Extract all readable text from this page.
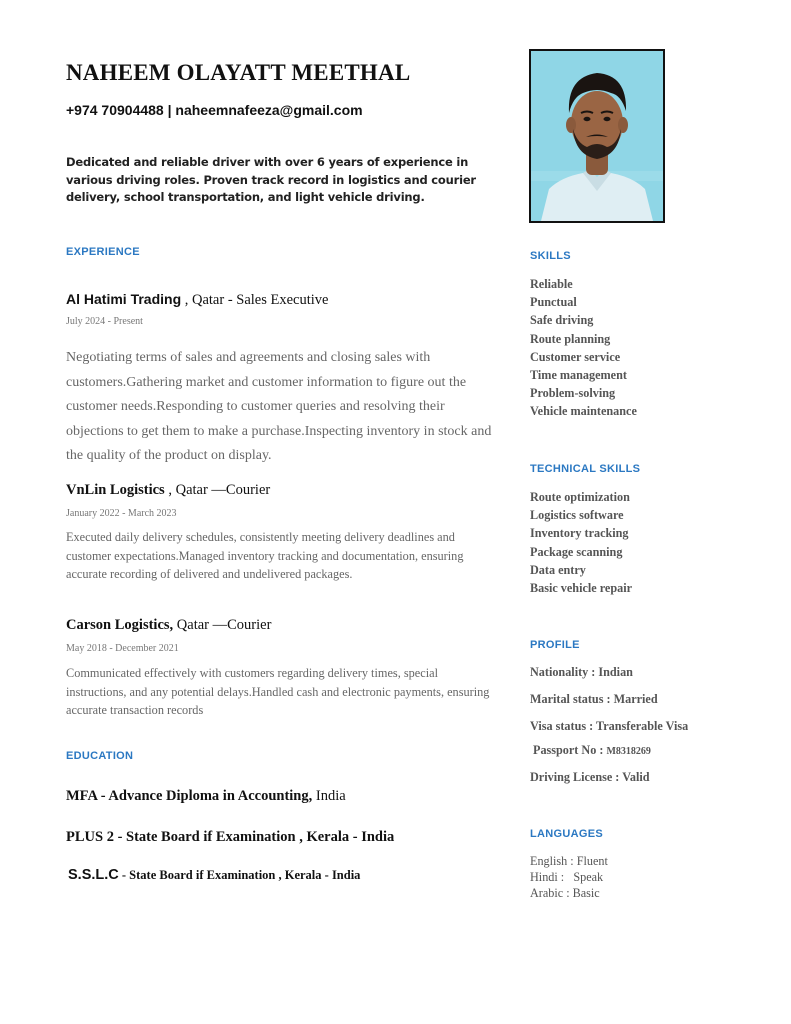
NAHEEM OLAYATT MEETHAL
+974 70904488 | naheemnafeeza@gmail.com
Dedicated and reliable driver with over 6 years of experience in various driving roles. Proven track record in logistics and courier delivery, school transportation, and light vehicle driving.
EXPERIENCE
Al Hatimi Trading , Qatar - Sales Executive
July 2024 - Present
Negotiating terms of sales and agreements and closing sales with customers.Gathering market and customer information to figure out the customer needs.Responding to customer queries and resolving their objections to get them to make a purchase.Inspecting inventory in stock and the quality of the product on display.
VnLin Logistics , Qatar —Courier
January 2022 - March 2023
Executed daily delivery schedules, consistently meeting delivery deadlines and customer expectations.Managed inventory tracking and documentation, ensuring accurate recording of delivered and undelivered packages.
Carson Logistics, Qatar —Courier
May 2018 - December 2021
Communicated effectively with customers regarding delivery times, special instructions, and any potential delays.Handled cash and electronic payments, ensuring accurate transaction records
EDUCATION
MFA - Advance Diploma in Accounting, India
PLUS 2 - State Board if Examination , Kerala - India
S.S.L.C - State Board if Examination , Kerala - India
SKILLS
Reliable
Punctual
Safe driving
Route planning
Customer service
Time management
Problem-solving
Vehicle maintenance
TECHNICAL SKILLS
Route optimization
Logistics software
Inventory tracking
Package scanning
Data entry
Basic vehicle repair
PROFILE
Nationality : Indian
Marital status : Married
Visa status : Transferable Visa
Passport No : M8318269
Driving License : Valid
LANGUAGES
English : Fluent
Hindi :   Speak
Arabic : Basic
